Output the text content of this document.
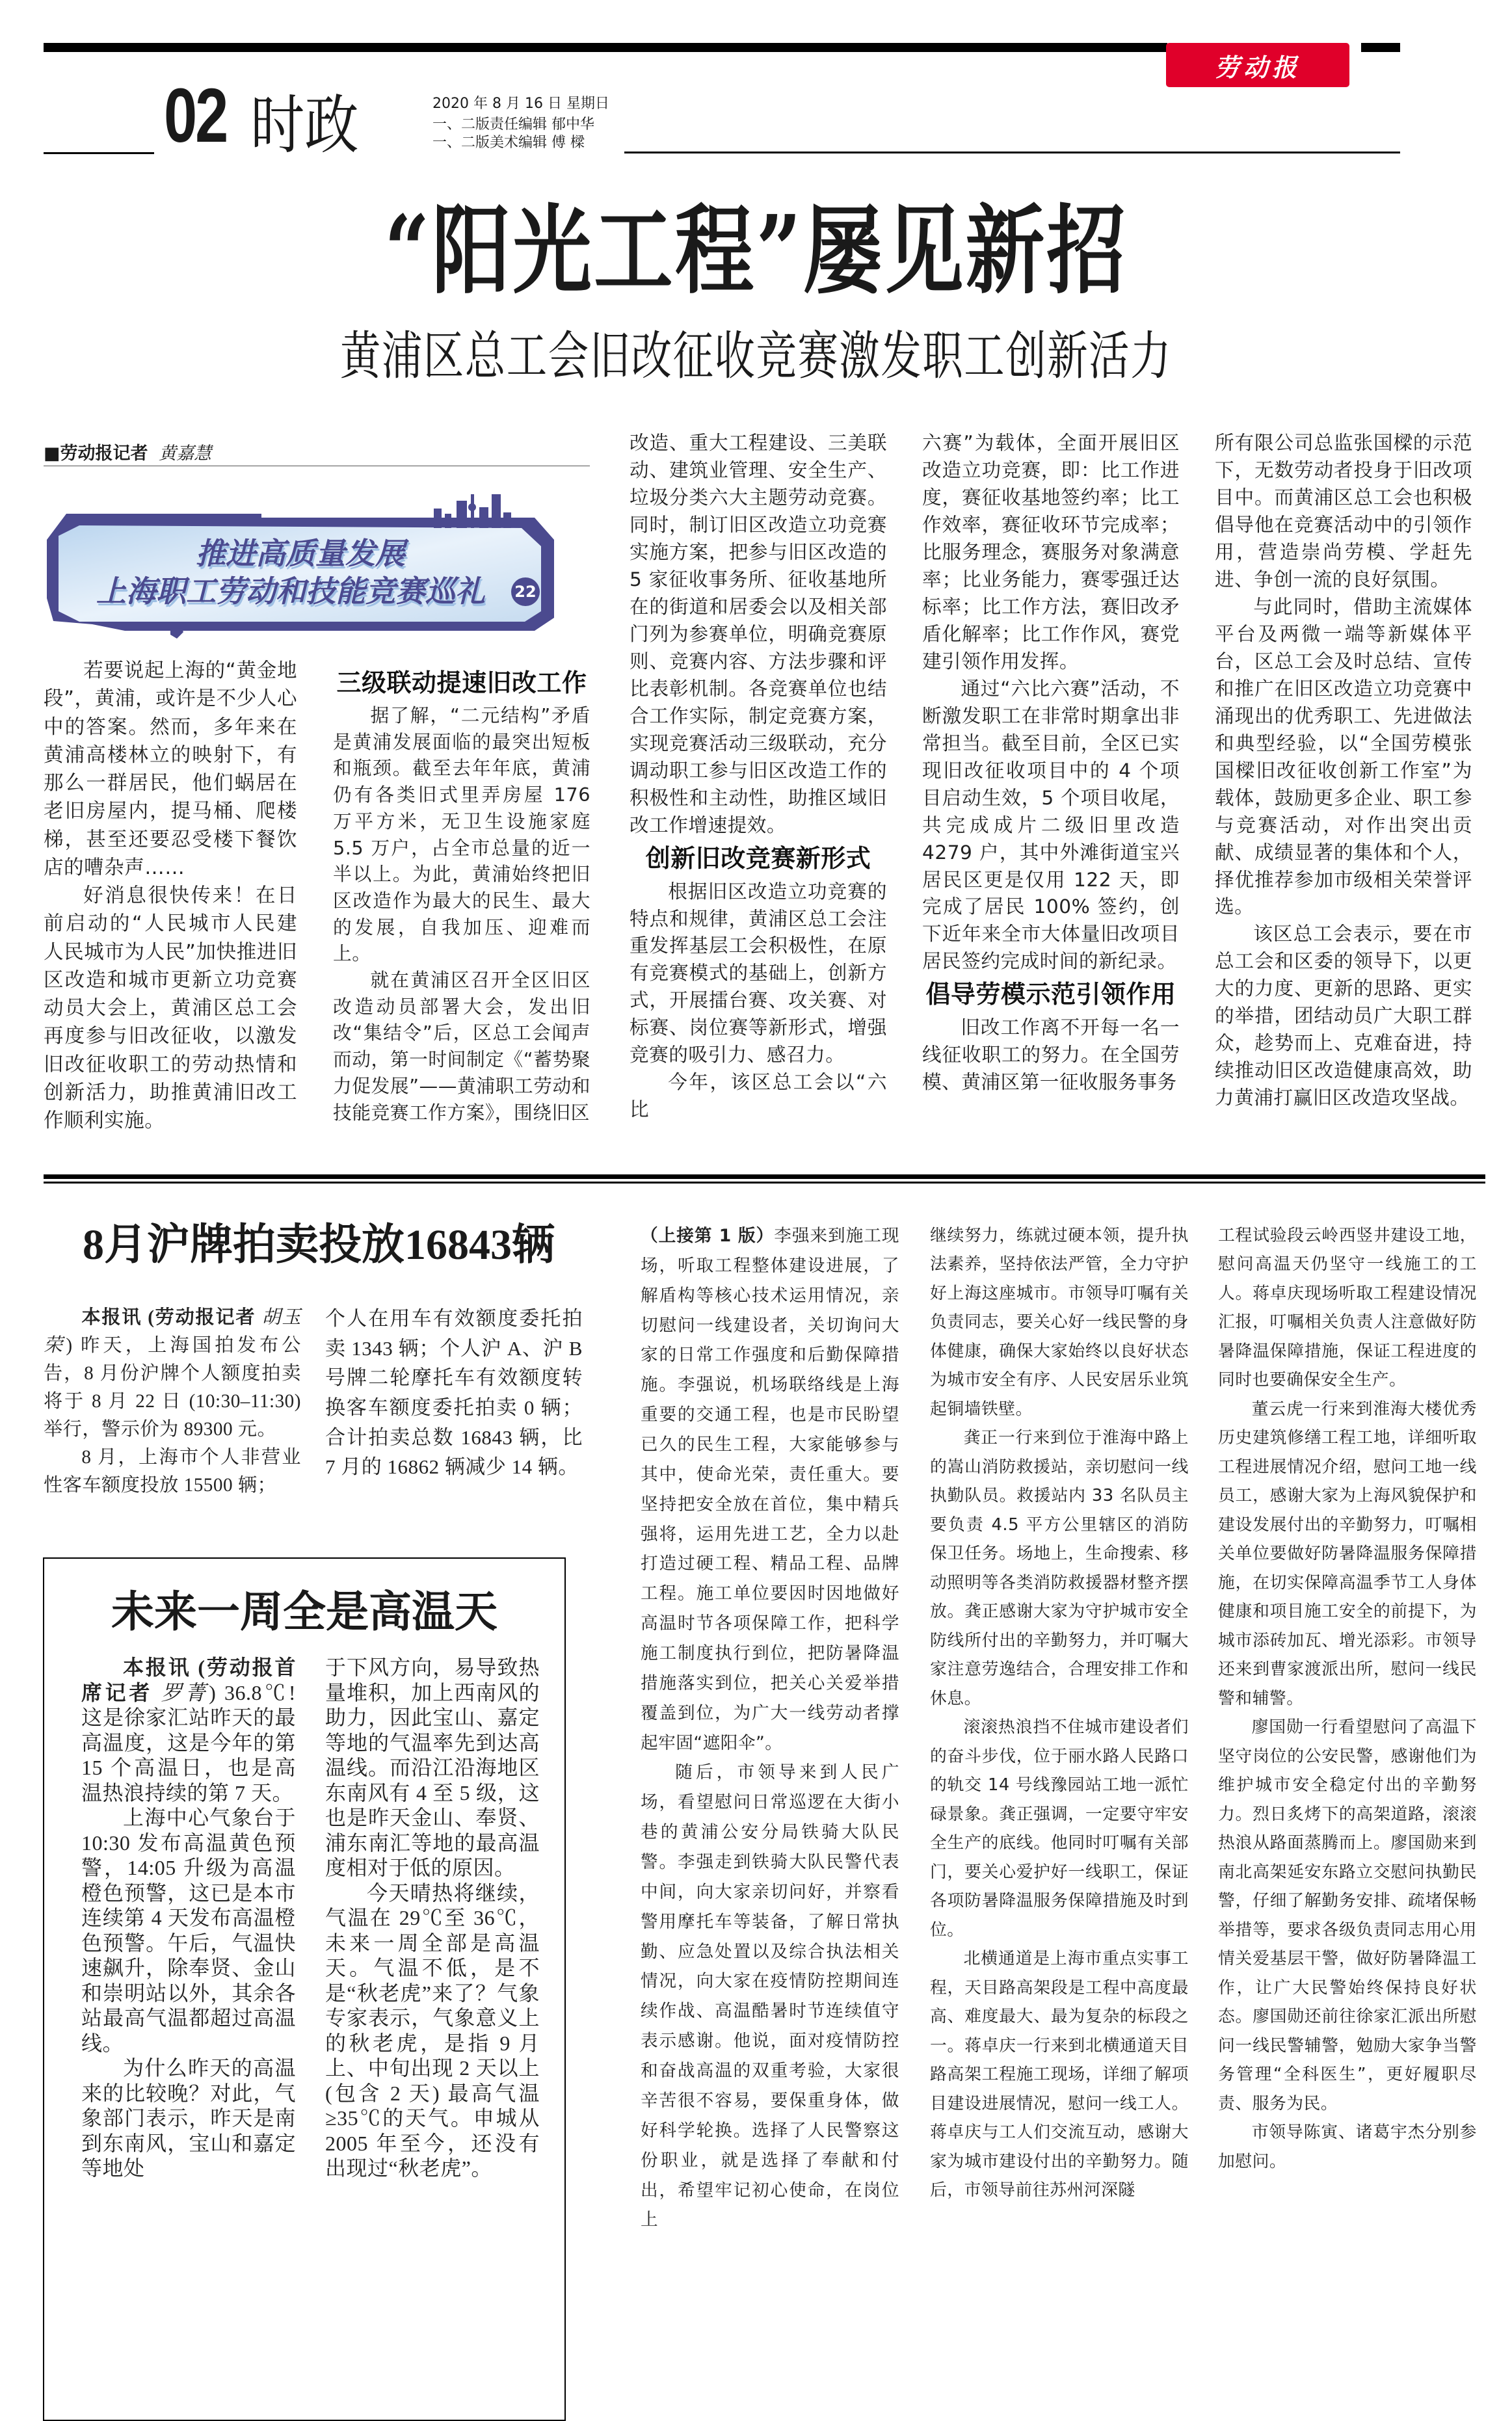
劳动报
02 时政	2020 年 8 月 16 日 星期日
一、二版责任编辑 郁中华
一、二版美术编辑 傅 樑
“阳光工程”屡见新招
黄浦区总工会旧改征收竞赛激发职工创新活力
■劳动报记者 黄嘉慧
推进高质量发展
上海职工劳动和技能竞赛巡礼	22

若要说起上海的“黄金地段”，黄浦，或许是不少人心中的答案。然而，多年来在黄浦高楼林立的映射下，有那么一群居民，他们蜗居在老旧房屋内，提马桶、爬楼梯，甚至还要忍受楼下餐饮店的嘈杂声……

好消息很快传来！在日前启动的“人民城市人民建 人民城市为人民”加快推进旧区改造和城市更新立功竞赛动员大会上，黄浦区总工会再度参与旧改征收，以激发旧改征收职工的劳动热情和创新活力，助推黄浦旧改工作顺利实施。

三级联动提速旧改工作

据了解，“二元结构”矛盾是黄浦发展面临的最突出短板和瓶颈。截至去年年底，黄浦仍有各类旧式里弄房屋 176 万平方米，无卫生设施家庭 5.5 万户，占全市总量的近一半以上。为此，黄浦始终把旧区改造作为最大的民生、最大的发展，自我加压、迎难而上。

就在黄浦区召开全区旧区改造动员部署大会，发出旧改“集结令”后，区总工会闻声而动，第一时间制定《“蓄势聚力促发展”——黄浦职工劳动和技能竞赛工作方案》，围绕旧区

改造、重大工程建设、三美联动、建筑业管理、安全生产、垃圾分类六大主题劳动竞赛。同时，制订旧区改造立功竞赛实施方案，把参与旧区改造的 5 家征收事务所、征收基地所在的街道和居委会以及相关部门列为参赛单位，明确竞赛原则、竞赛内容、方法步骤和评比表彰机制。各竞赛单位也结合工作实际，制定竞赛方案，实现竞赛活动三级联动，充分调动职工参与旧区改造工作的积极性和主动性，助推区域旧改工作增速提效。

创新旧改竞赛新形式

根据旧区改造立功竞赛的特点和规律，黄浦区总工会注重发挥基层工会积极性，在原有竞赛模式的基础上，创新方式，开展擂台赛、攻关赛、对标赛、岗位赛等新形式，增强竞赛的吸引力、感召力。

今年，该区总工会以“六比

六赛”为载体，全面开展旧区改造立功竞赛，即：比工作进度，赛征收基地签约率；比工作效率，赛征收环节完成率；比服务理念，赛服务对象满意率；比业务能力，赛零强迁达标率；比工作方法，赛旧改矛盾化解率；比工作作风，赛党建引领作用发挥。

通过“六比六赛”活动，不断激发职工在非常时期拿出非常担当。截至目前，全区已实现旧改征收项目中的 4 个项目启动生效，5 个项目收尾，共完成成片二级旧里改造 4279 户，其中外滩街道宝兴居民区更是仅用 122 天，即完成了居民 100% 签约，创下近年来全市大体量旧改项目居民签约完成时间的新纪录。

倡导劳模示范引领作用

旧改工作离不开每一名一线征收职工的努力。在全国劳模、黄浦区第一征收服务事务

所有限公司总监张国樑的示范下，无数劳动者投身于旧改项目中。而黄浦区总工会也积极倡导他在竞赛活动中的引领作用，营造崇尚劳模、学赶先进、争创一流的良好氛围。

与此同时，借助主流媒体平台及两微一端等新媒体平台，区总工会及时总结、宣传和推广在旧区改造立功竞赛中涌现出的优秀职工、先进做法和典型经验，以“全国劳模张国樑旧改征收创新工作室”为载体，鼓励更多企业、职工参与竞赛活动，对作出突出贡献、成绩显著的集体和个人，择优推荐参加市级相关荣誉评选。

该区总工会表示，要在市总工会和区委的领导下，以更大的力度、更新的思路、更实的举措，团结动员广大职工群众，趁势而上、克难奋进，持续推动旧区改造健康高效，助力黄浦打赢旧区改造攻坚战。

8月沪牌拍卖投放16843辆

本报讯 (劳动报记者 胡玉荣) 昨天，上海国拍发布公告，8 月份沪牌个人额度拍卖将于 8 月 22 日 (10:30–11:30)举行，警示价为 89300 元。

8 月，上海市个人非营业性客车额度投放 15500 辆；

个人在用车有效额度委托拍卖 1343 辆；个人沪 A、沪 B 号牌二轮摩托车有效额度转换客车额度委托拍卖 0 辆；合计拍卖总数 16843 辆，比 7 月的 16862 辆减少 14 辆。

未来一周全是高温天

本报讯 (劳动报首席记者 罗菁) 36.8℃! 这是徐家汇站昨天的最高温度，这是今年的第 15 个高温日，也是高温热浪持续的第 7 天。

上海中心气象台于 10:30 发布高温黄色预警，14:05 升级为高温橙色预警，这已是本市连续第 4 天发布高温橙色预警。午后，气温快速飙升，除奉贤、金山和崇明站以外，其余各站最高气温都超过高温线。

为什么昨天的高温来的比较晚？对此，气象部门表示，昨天是南到东南风，宝山和嘉定等地处

于下风方向，易导致热量堆积，加上西南风的助力，因此宝山、嘉定等地的气温率先到达高温线。而沿江沿海地区东南风有 4 至 5 级，这也是昨天金山、奉贤、浦东南汇等地的最高温度相对于低的原因。

今天晴热将继续，气温在 29℃至 36℃，未来一周全部是高温天。气温不低，是不是“秋老虎”来了？气象专家表示，气象意义上的秋老虎，是指 9 月上、中旬出现 2 天以上 (包含 2 天) 最高气温≥35℃的天气。申城从 2005 年至今，还没有出现过“秋老虎”。

（上接第 1 版）李强来到施工现场，听取工程整体建设进展，了解盾构等核心技术运用情况，亲切慰问一线建设者，关切询问大家的日常工作强度和后勤保障措施。李强说，机场联络线是上海重要的交通工程，也是市民盼望已久的民生工程，大家能够参与其中，使命光荣，责任重大。要坚持把安全放在首位，集中精兵强将，运用先进工艺，全力以赴打造过硬工程、精品工程、品牌工程。施工单位要因时因地做好高温时节各项保障工作，把科学施工制度执行到位，把防暑降温措施落实到位，把关心关爱举措覆盖到位，为广大一线劳动者撑起牢固“遮阳伞”。

随后，市领导来到人民广场，看望慰问日常巡逻在大街小巷的黄浦公安分局铁骑大队民警。李强走到铁骑大队民警代表中间，向大家亲切问好，并察看警用摩托车等装备，了解日常执勤、应急处置以及综合执法相关情况，向大家在疫情防控期间连续作战、高温酷暑时节连续值守表示感谢。他说，面对疫情防控和奋战高温的双重考验，大家很辛苦很不容易，要保重身体，做好科学轮换。选择了人民警察这份职业，就是选择了奉献和付出，希望牢记初心使命，在岗位上

继续努力，练就过硬本领，提升执法素养，坚持依法严管，全力守护好上海这座城市。市领导叮嘱有关负责同志，要关心好一线民警的身体健康，确保大家始终以良好状态为城市安全有序、人民安居乐业筑起铜墙铁壁。

龚正一行来到位于淮海中路上的嵩山消防救援站，亲切慰问一线执勤队员。救援站内 33 名队员主要负责 4.5 平方公里辖区的消防保卫任务。场地上，生命搜索、移动照明等各类消防救援器材整齐摆放。龚正感谢大家为守护城市安全防线所付出的辛勤努力，并叮嘱大家注意劳逸结合，合理安排工作和休息。

滚滚热浪挡不住城市建设者们的奋斗步伐，位于丽水路人民路口的轨交 14 号线豫园站工地一派忙碌景象。龚正强调，一定要守牢安全生产的底线。他同时叮嘱有关部门，要关心爱护好一线职工，保证各项防暑降温服务保障措施及时到位。

北横通道是上海市重点实事工程，天目路高架段是工程中高度最高、难度最大、最为复杂的标段之一。蒋卓庆一行来到北横通道天目路高架工程施工现场，详细了解项目建设进展情况，慰问一线工人。蒋卓庆与工人们交流互动，感谢大家为城市建设付出的辛勤努力。随后，市领导前往苏州河深隧

工程试验段云岭西竖井建设工地，慰问高温天仍坚守一线施工的工人。蒋卓庆现场听取工程建设情况汇报，叮嘱相关负责人注意做好防暑降温保障措施，保证工程进度的同时也要确保安全生产。

董云虎一行来到淮海大楼优秀历史建筑修缮工程工地，详细听取工程进展情况介绍，慰问工地一线员工，感谢大家为上海风貌保护和建设发展付出的辛勤努力，叮嘱相关单位要做好防暑降温服务保障措施，在切实保障高温季节工人身体健康和项目施工安全的前提下，为城市添砖加瓦、增光添彩。市领导还来到曹家渡派出所，慰问一线民警和辅警。

廖国勋一行看望慰问了高温下坚守岗位的公安民警，感谢他们为维护城市安全稳定付出的辛勤努力。烈日炙烤下的高架道路，滚滚热浪从路面蒸腾而上。廖国勋来到南北高架延安东路立交慰问执勤民警，仔细了解勤务安排、疏堵保畅举措等，要求各级负责同志用心用情关爱基层干警，做好防暑降温工作，让广大民警始终保持良好状态。廖国勋还前往徐家汇派出所慰问一线民警辅警，勉励大家争当警务管理“全科医生”，更好履职尽责、服务为民。

市领导陈寅、诸葛宇杰分别参加慰问。
